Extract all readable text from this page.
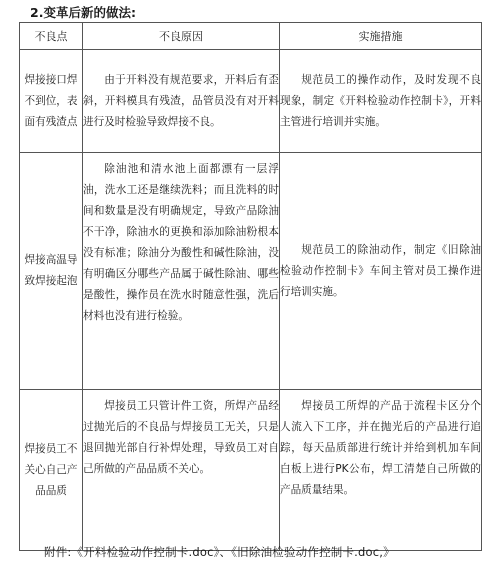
2.变革后新的做法:
不良点	不良原因	实施措施
焊接接口焊不到位，表面有残渣点	由于开料没有规范要求，开料后有歪斜，开料模具有残渣，品管员没有对开料进行及时检验导致焊接不良。	规范员工的操作动作，及时发现不良现象，制定《开料检验动作控制卡》，开料主管进行培训并实施。
焊接高温导致焊接起泡	除油池和清水池上面都漂有一层浮油，洗水工还是继续洗料；而且洗料的时间和数量是没有明确规定，导致产品除油不干净，除油水的更换和添加除油粉根本没有标准；除油分为酸性和碱性除油，没有明确区分哪些产品属于碱性除油、哪些是酸性，操作员在洗水时随意性强，洗后材料也没有进行检验。	规范员工的除油动作，制定《旧除油检验动作控制卡》车间主管对员工操作进行培训实施。
焊接员工不关心自己产品品质	焊接员工只管计件工资，所焊产品经过抛光后的不良品与焊接员工无关，只是退回抛光部自行补焊处理，导致员工对自己所做的产品品质不关心。	焊接员工所焊的产品于流程卡区分个人流入下工序，并在抛光后的产品进行追踪，每天品质部进行统计并给到机加车间白板上进行PK公布，焊工清楚自己所做的产品质量结果。
附件:《开料检验动作控制卡.doc》、《旧除油检验动作控制卡.doc,》
